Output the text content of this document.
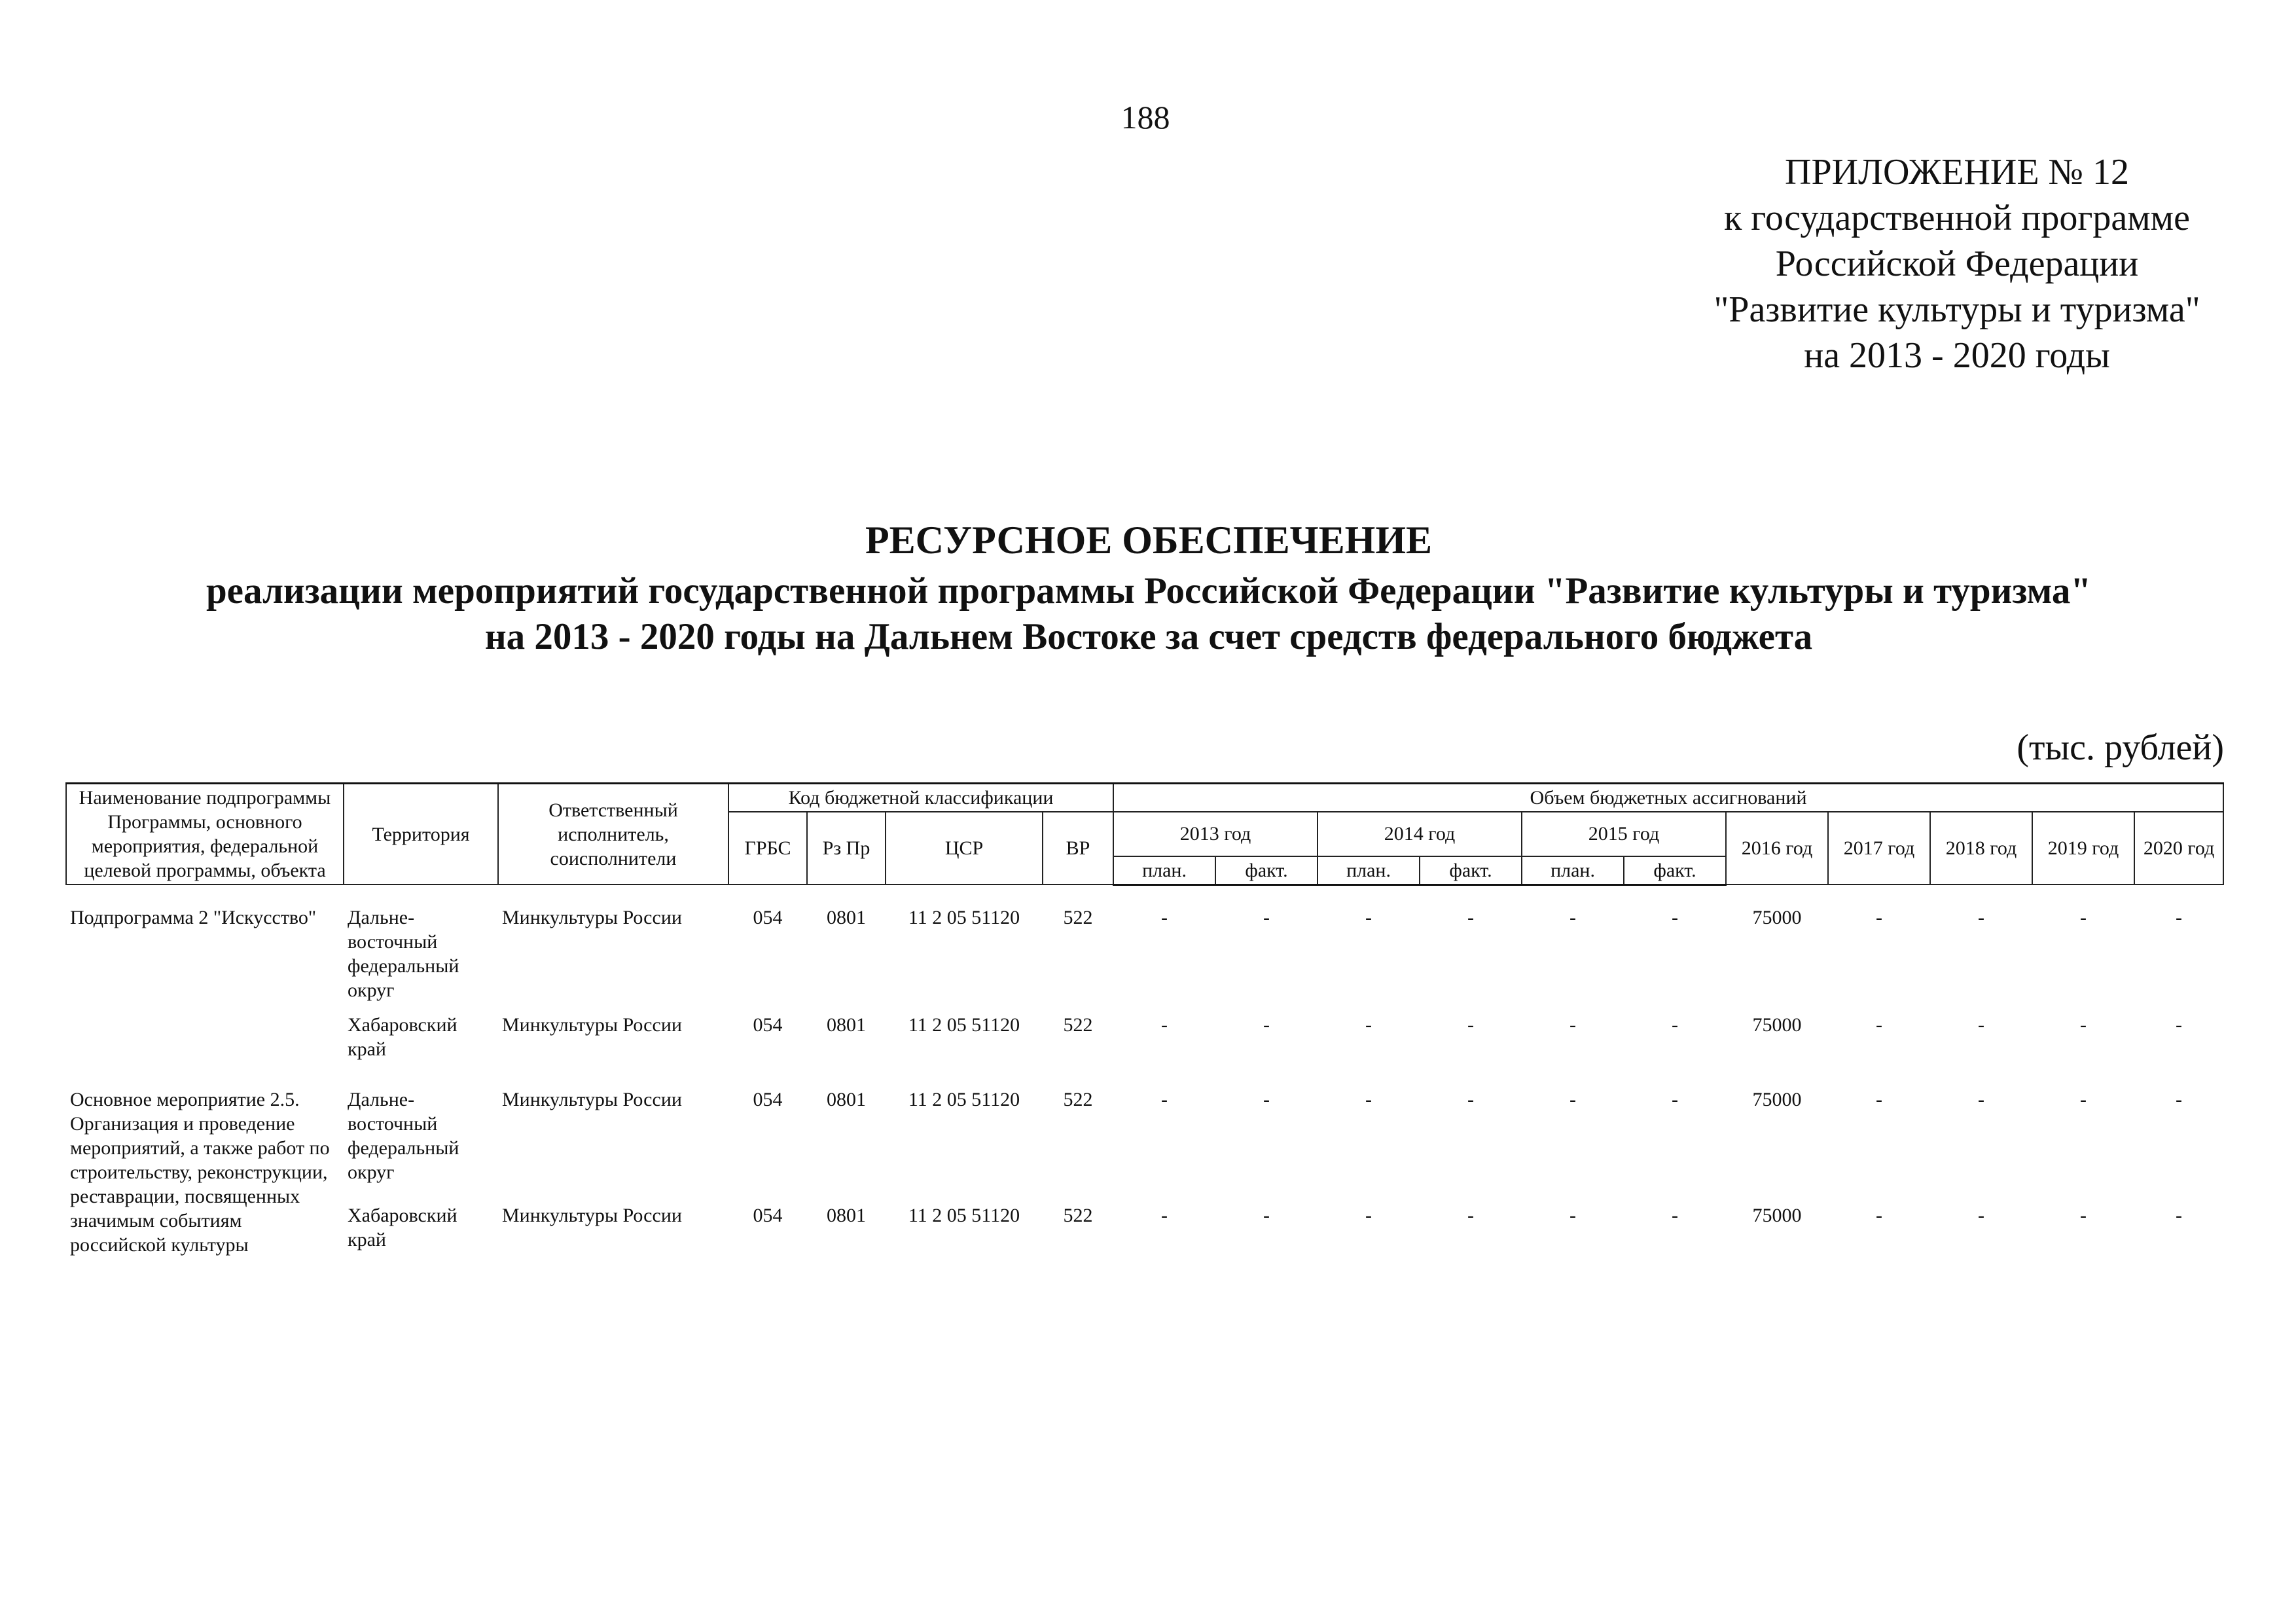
188
ПРИЛОЖЕНИЕ № 12
к государственной программе
Российской Федерации
"Развитие культуры и туризма"
на 2013 - 2020 годы
РЕСУРСНОЕ ОБЕСПЕЧЕНИЕ
реализации мероприятий государственной программы Российской Федерации "Развитие культуры и туризма"
на 2013 - 2020 годы на Дальнем Востоке за счет средств федерального бюджета
(тыс. рублей)
Наименование подпрограммы Программы, основного мероприятия, федеральной целевой программы, объекта	Территория	Ответственный исполнитель, соисполнители	Код бюджетной классификации				Объем бюджетных ассигнований										
			ГРБС	Рз Пр	ЦСР	ВР	2013 год		2014 год		2015 год		2016 год	2017 год	2018 год	2019 год	2020 год
							план.	факт.	план.	факт.	план.	факт.					

Подпрограмма 2 "Искусство"	Дальне-восточный федеральный округ	Минкультуры России	054	0801	11 2 05 51120	522	-	-	-	-	-	-	75000	-	-	-	-
	Хабаровский край	Минкультуры России	054	0801	11 2 05 51120	522	-	-	-	-	-	-	75000	-	-	-	-

Основное мероприятие 2.5. Организация и проведение мероприятий, а также работ по строительству, реконструкции, реставрации, посвященных значимым событиям российской культуры	Дальне-восточный федеральный округ	Минкультуры России	054	0801	11 2 05 51120	522	-	-	-	-	-	-	75000	-	-	-	-
	Хабаровский край	Минкультуры России	054	0801	11 2 05 51120	522	-	-	-	-	-	-	75000	-	-	-	-
